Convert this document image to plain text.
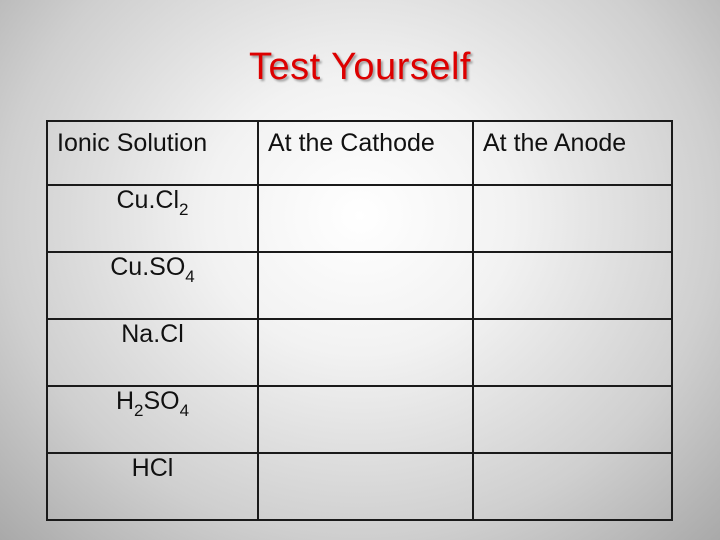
Test Yourself
Ionic Solution	At the Cathode	At the Anode
$Cu.Cl_2$		
$Cu.SO_4$		
Na.Cl		
$H_2SO_4$		
HCl		
